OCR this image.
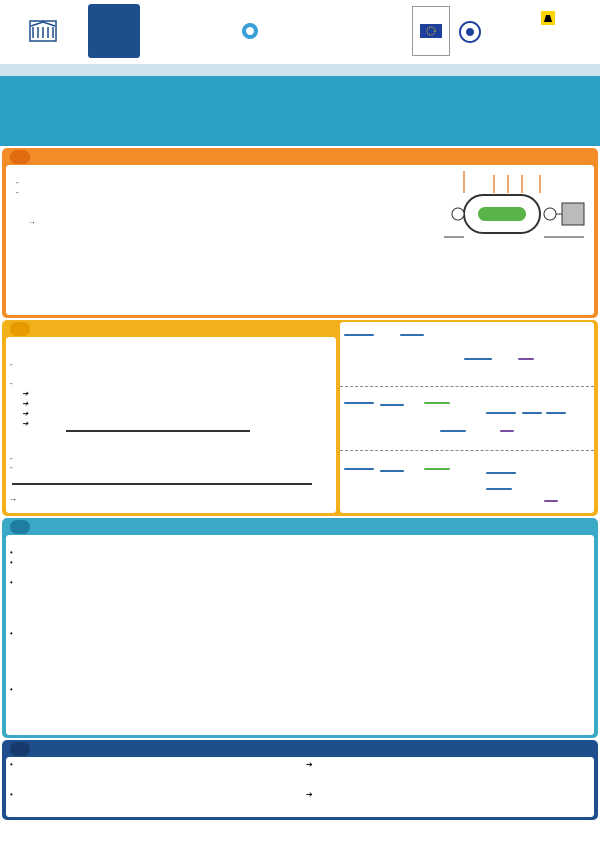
-
-
→
-
-
➔
➔
➔
➔
-
-
→
•
•
•
•
•
•
•
➔
➔
